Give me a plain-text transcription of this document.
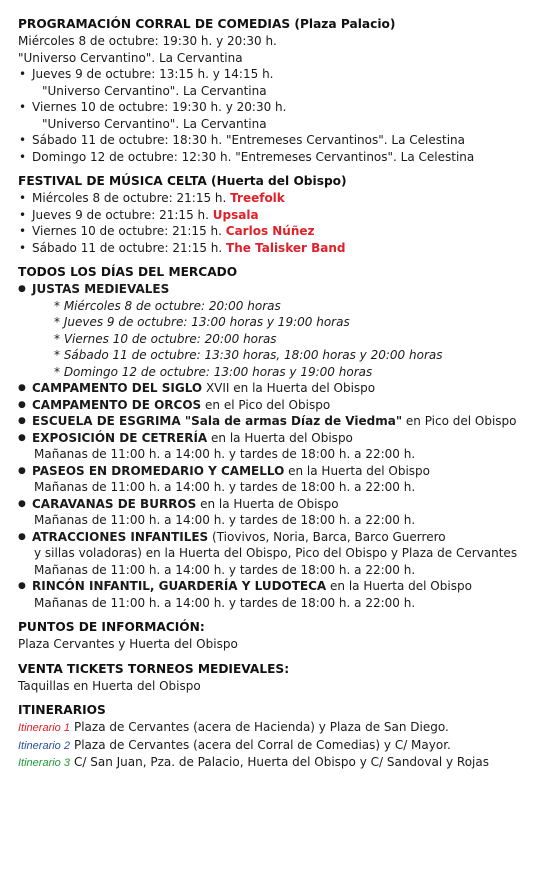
PROGRAMACIÓN CORRAL DE COMEDIAS (Plaza Palacio)
Miércoles 8 de octubre: 19:30 h. y 20:30 h.
"Universo Cervantino". La Cervantina
• Jueves 9 de octubre: 13:15 h. y 14:15 h.
"Universo Cervantino". La Cervantina
• Viernes 10 de octubre: 19:30 h. y 20:30 h.
"Universo Cervantino". La Cervantina
• Sábado 11 de octubre: 18:30 h. "Entremeses Cervantinos". La Celestina
• Domingo 12 de octubre: 12:30 h. "Entremeses Cervantinos". La Celestina
FESTIVAL DE MÚSICA CELTA (Huerta del Obispo)
• Miércoles 8 de octubre: 21:15 h. Treefolk
• Jueves 9 de octubre: 21:15 h. Upsala
• Viernes 10 de octubre: 21:15 h. Carlos Núñez
• Sábado 11 de octubre: 21:15 h. The Talisker Band
TODOS LOS DÍAS DEL MERCADO
● JUSTAS MEDIEVALES
* Miércoles 8 de octubre: 20:00 horas
* Jueves 9 de octubre: 13:00 horas y 19:00 horas
* Viernes 10 de octubre: 20:00 horas
* Sábado 11 de octubre: 13:30 horas, 18:00 horas y 20:00 horas
* Domingo 12 de octubre: 13:00 horas y 19:00 horas
● CAMPAMENTO DEL SIGLO XVII en la Huerta del Obispo
● CAMPAMENTO DE ORCOS en el Pico del Obispo
● ESCUELA DE ESGRIMA "Sala de armas Díaz de Viedma" en Pico del Obispo
● EXPOSICIÓN DE CETRERÍA en la Huerta del Obispo
Mañanas de 11:00 h. a 14:00 h. y tardes de 18:00 h. a 22:00 h.
● PASEOS EN DROMEDARIO Y CAMELLO en la Huerta del Obispo
Mañanas de 11:00 h. a 14:00 h. y tardes de 18:00 h. a 22:00 h.
● CARAVANAS DE BURROS en la Huerta de Obispo
Mañanas de 11:00 h. a 14:00 h. y tardes de 18:00 h. a 22:00 h.
● ATRACCIONES INFANTILES (Tiovivos, Noria, Barca, Barco Guerrero
y sillas voladoras) en la Huerta del Obispo, Pico del Obispo y Plaza de Cervantes
Mañanas de 11:00 h. a 14:00 h. y tardes de 18:00 h. a 22:00 h.
● RINCÓN INFANTIL, GUARDERÍA Y LUDOTECA en la Huerta del Obispo
Mañanas de 11:00 h. a 14:00 h. y tardes de 18:00 h. a 22:00 h.
PUNTOS DE INFORMACIÓN:
Plaza Cervantes y Huerta del Obispo
VENTA TICKETS TORNEOS MEDIEVALES:
Taquillas en Huerta del Obispo
ITINERARIOS
Itinerario 1 Plaza de Cervantes (acera de Hacienda) y Plaza de San Diego.
Itinerario 2 Plaza de Cervantes (acera del Corral de Comedias) y C/ Mayor.
Itinerario 3 C/ San Juan, Pza. de Palacio, Huerta del Obispo y C/ Sandoval y Rojas
